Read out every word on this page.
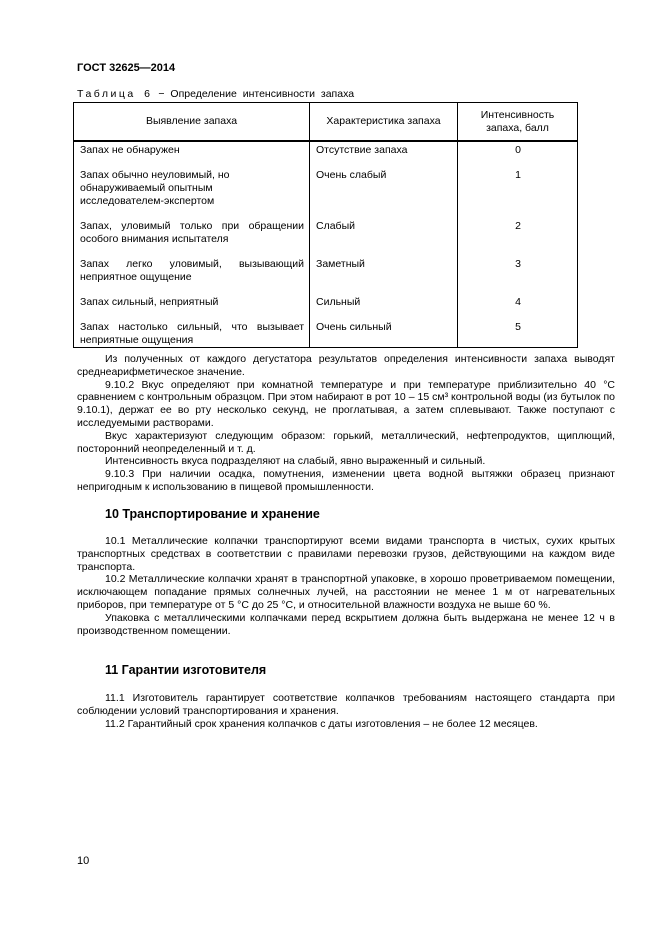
ГОСТ 32625—2014
Таблица 6 − Определение интенсивности запаха
Выявление запаха	Характеристика запаха	Интенсивность запаха, балл
Запах не обнаружен	Отсутствие запаха	0
Запах обычно неуловимый, но обнаруживаемый опытным исследователем-экспертом	Очень слабый	1
Запах, уловимый только при обращении особого внимания испытателя	Слабый	2
Запах легко уловимый, вызывающий неприятное ощущение	Заметный	3
Запах сильный, неприятный	Сильный	4
Запах настолько сильный, что вызывает неприятные ощущения	Очень сильный	5

Из полученных от каждого дегустатора результатов определения интенсивности запаха выводят среднеарифметическое значение.

9.10.2 Вкус определяют при комнатной температуре и при температуре приблизительно 40 °С сравнением с контрольным образцом. При этом набирают в рот 10 – 15 см³ контрольной воды (из бутылок по 9.10.1), держат ее во рту несколько секунд, не проглатывая, а затем сплевывают. Также поступают с исследуемыми растворами.

Вкус характеризуют следующим образом: горький, металлический, нефтепродуктов, щиплющий, посторонний неопределенный и т. д.

Интенсивность вкуса подразделяют на слабый, явно выраженный и сильный.

9.10.3 При наличии осадка, помутнения, изменении цвета водной вытяжки образец признают непригодным к использованию в пищевой промышленности.

10 Транспортирование и хранение

10.1 Металлические колпачки транспортируют всеми видами транспорта в чистых, сухих крытых транспортных средствах в соответствии с правилами перевозки грузов, действующими на каждом виде транспорта.

10.2 Металлические колпачки хранят в транспортной упаковке, в хорошо проветриваемом помещении, исключающем попадание прямых солнечных лучей, на расстоянии не менее 1 м от нагревательных приборов, при температуре от 5 °С до 25 °С, и относительной влажности воздуха не выше 60 %.

Упаковка с металлическими колпачками перед вскрытием должна быть выдержана не менее 12 ч в производственном помещении.

11 Гарантии изготовителя

11.1 Изготовитель гарантирует соответствие колпачков требованиям настоящего стандарта при соблюдении условий транспортирования и хранения.

11.2 Гарантийный срок хранения колпачков с даты изготовления – не более 12 месяцев.

10
